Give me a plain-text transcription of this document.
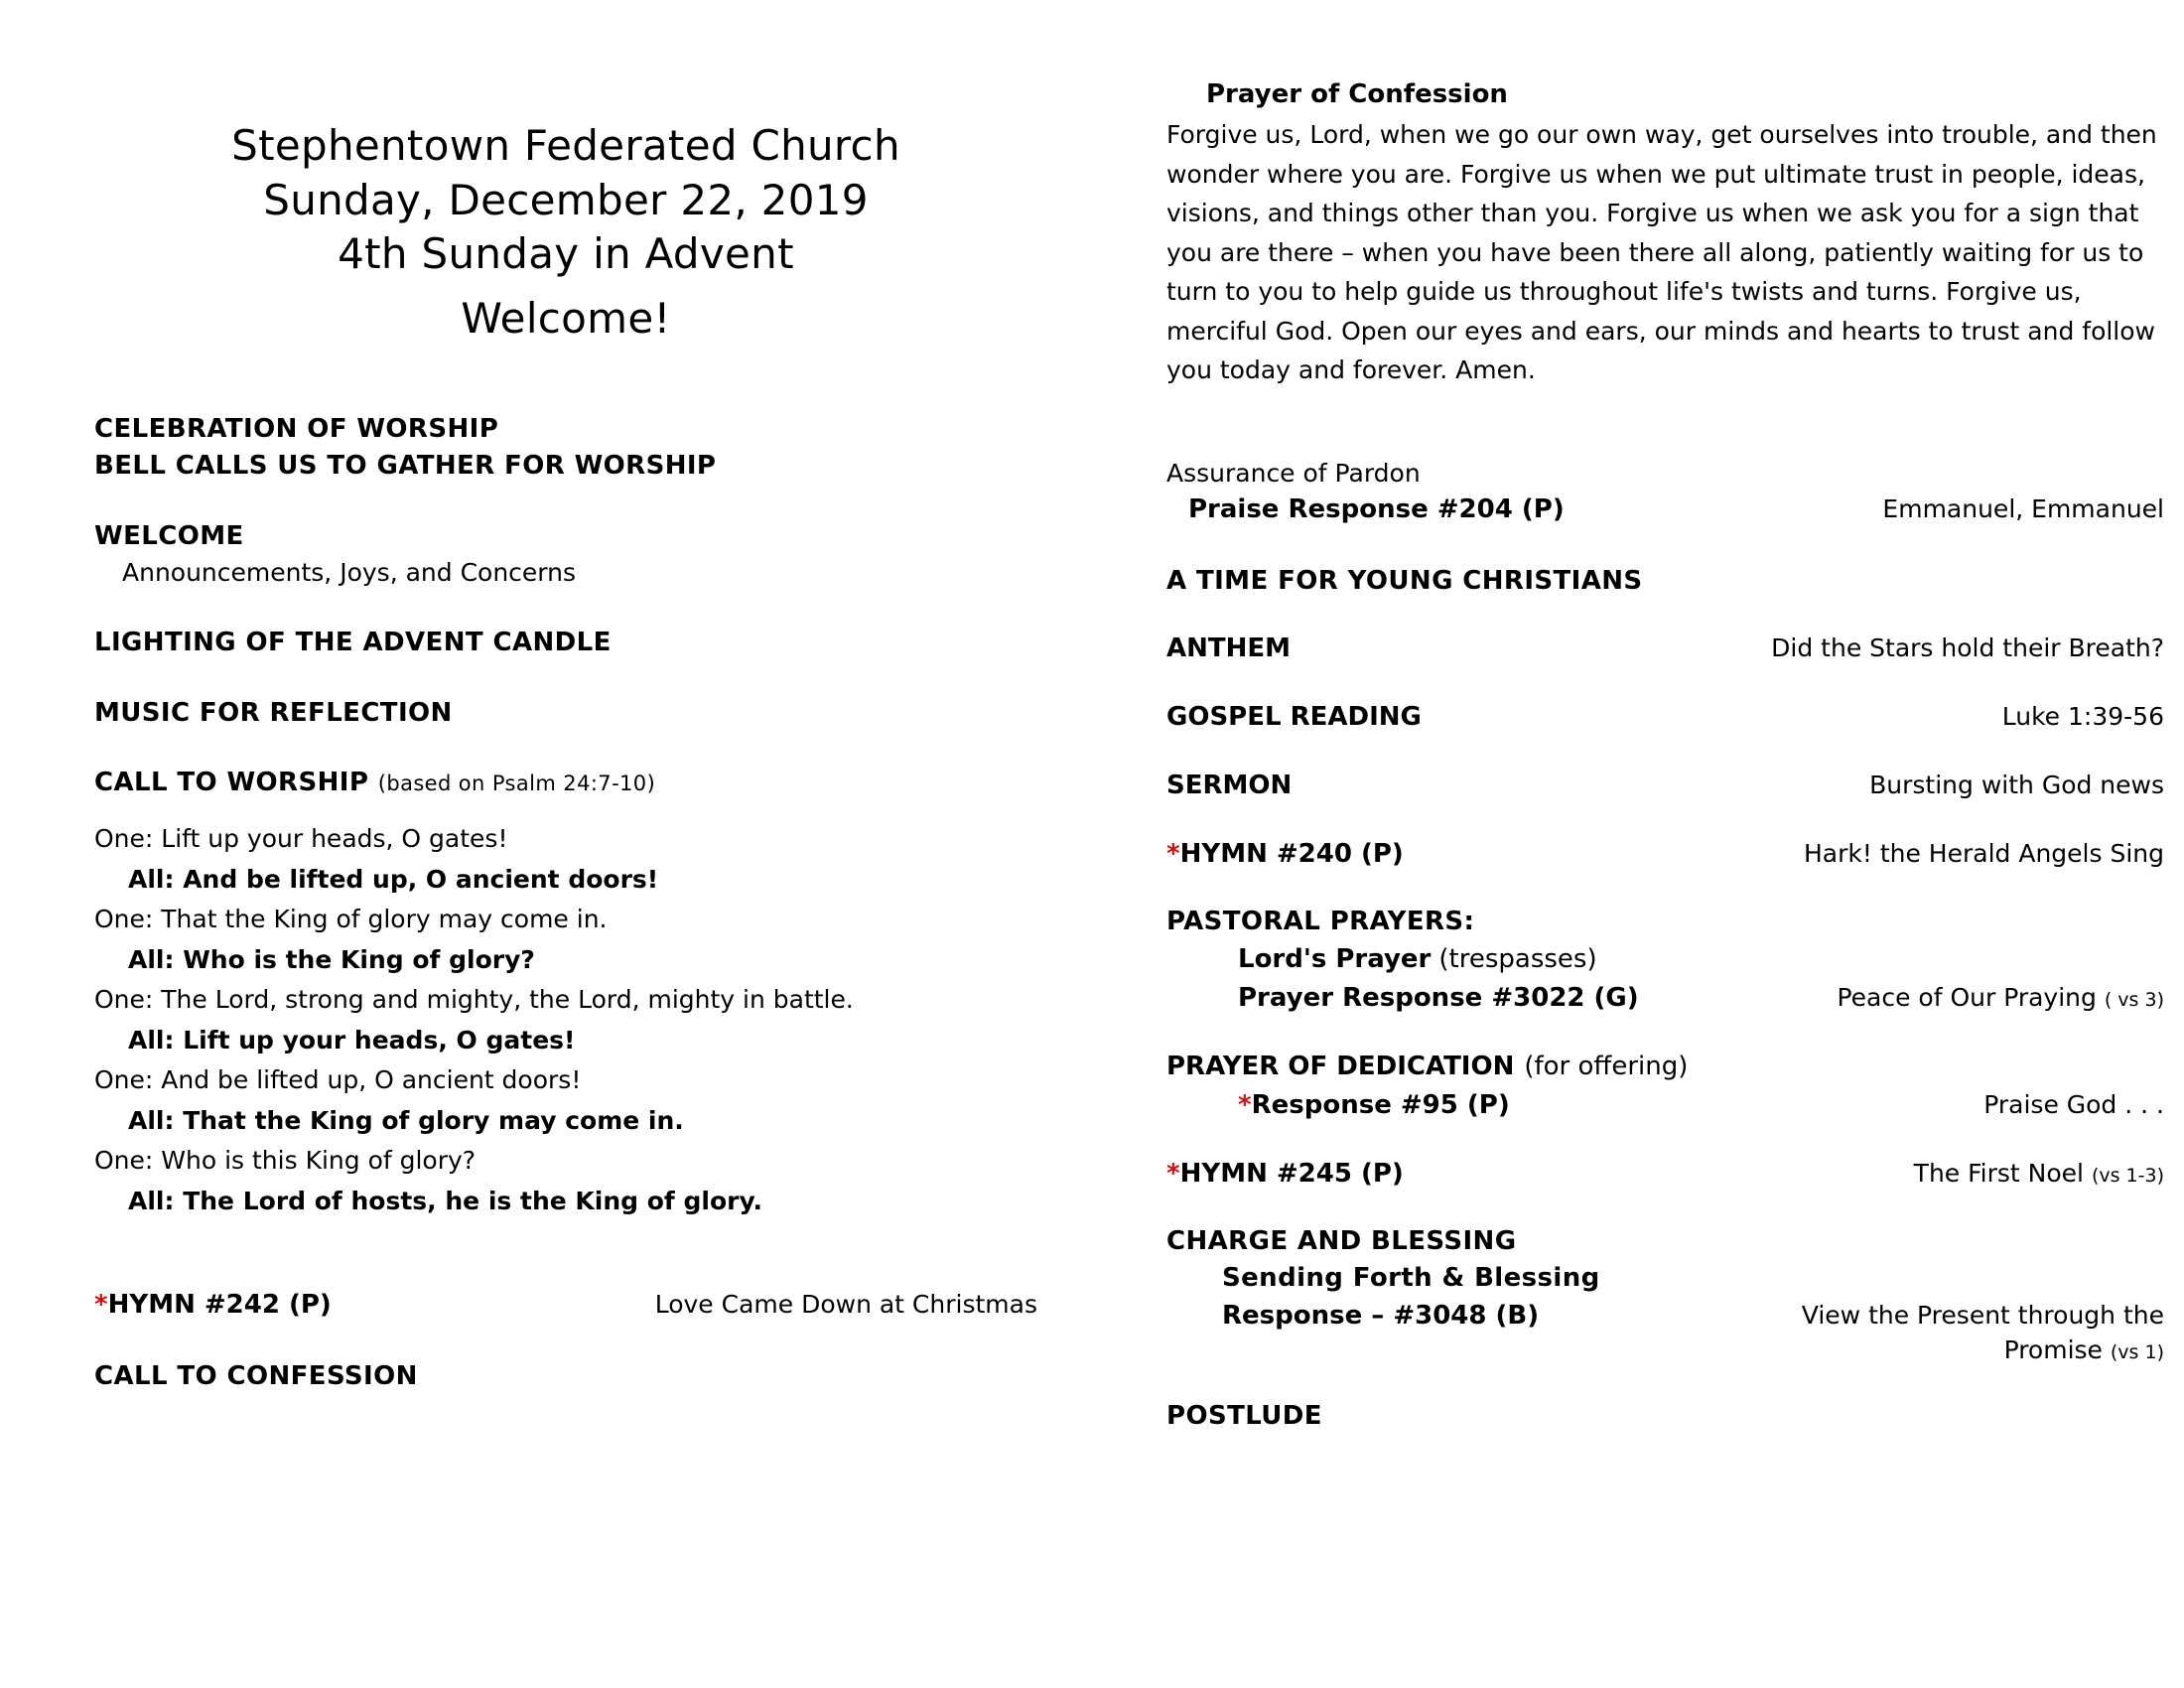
Stephentown Federated Church
Sunday, December 22, 2019
4th Sunday in Advent
Welcome!
CELEBRATION OF WORSHIP
BELL CALLS US TO GATHER FOR WORSHIP
WELCOME
Announcements, Joys, and Concerns
LIGHTING OF THE ADVENT CANDLE
MUSIC FOR REFLECTION
CALL TO WORSHIP (based on Psalm 24:7-10)
One: Lift up your heads, O gates!
All: And be lifted up, O ancient doors!
One: That the King of glory may come in.
All: Who is the King of glory?
One: The Lord, strong and mighty, the Lord, mighty in battle.
All: Lift up your heads, O gates!
One: And be lifted up, O ancient doors!
All: That the King of glory may come in.
One: Who is this King of glory?
All: The Lord of hosts, he is the King of glory.
*HYMN #242 (P)	Love Came Down at Christmas
CALL TO CONFESSION
Prayer of Confession
Forgive us, Lord, when we go our own way, get ourselves into trouble, and then wonder where you are. Forgive us when we put ultimate trust in people, ideas, visions, and things other than you. Forgive us when we ask you for a sign that you are there – when you have been there all along, patiently waiting for us to turn to you to help guide us throughout life's twists and turns. Forgive us, merciful God. Open our eyes and ears, our minds and hearts to trust and follow you today and forever. Amen.
Assurance of Pardon
Praise Response #204 (P)	Emmanuel, Emmanuel
A TIME FOR YOUNG CHRISTIANS
ANTHEM	Did the Stars hold their Breath?
GOSPEL READING	Luke 1:39-56
SERMON	Bursting with God news
*HYMN #240 (P)	Hark! the Herald Angels Sing
PASTORAL PRAYERS:
Lord's Prayer (trespasses)
Prayer Response #3022 (G)	Peace of Our Praying ( vs 3)
PRAYER OF DEDICATION (for offering)
*Response #95 (P)	Praise God . . .
*HYMN #245 (P)	The First Noel (vs 1-3)
CHARGE AND BLESSING
Sending Forth & Blessing
Response – #3048 (B)	View the Present through the Promise (vs 1)
POSTLUDE
